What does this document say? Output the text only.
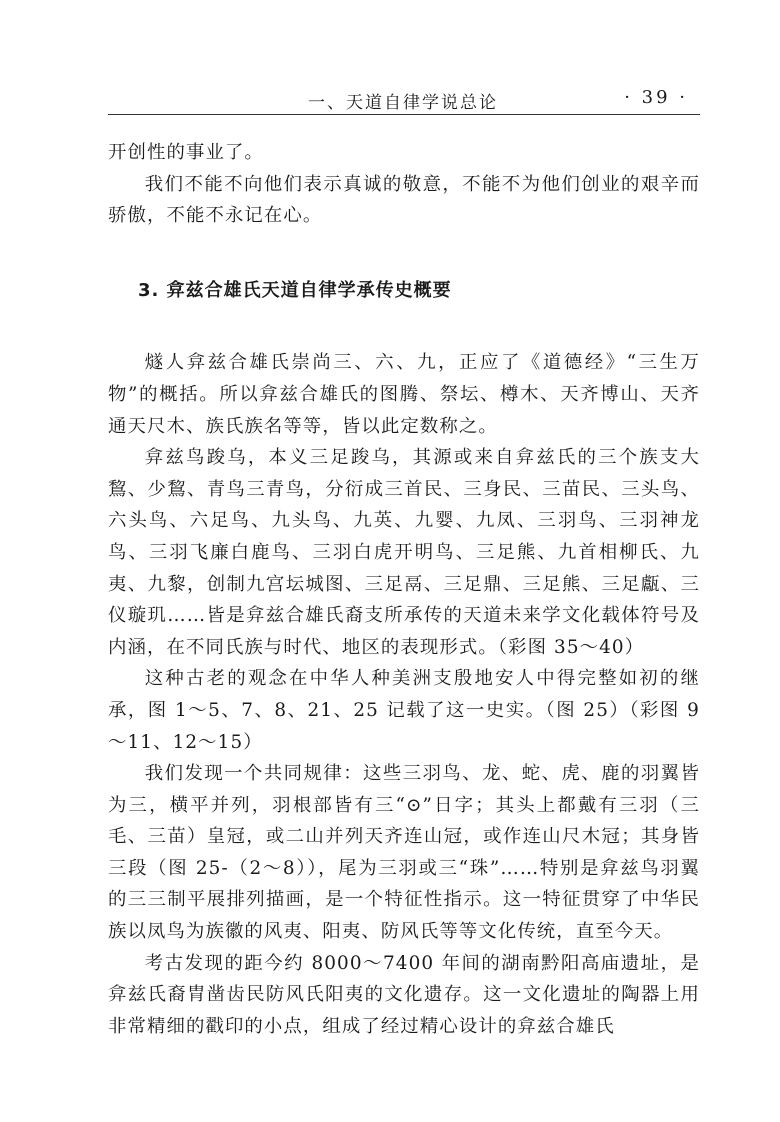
一、天道自律学说总论	· 39 ·

开创性的事业了。

我们不能不向他们表示真诚的敬意，不能不为他们创业的艰辛而骄傲，不能不永记在心。

3. 弇兹合雄氏天道自律学承传史概要

燧人弇兹合雄氏崇尚三、六、九，正应了《道德经》“三生万物”的概括。所以弇兹合雄氏的图腾、祭坛、樽木、天齐博山、天齐通天尺木、族氏族名等等，皆以此定数称之。

弇兹鸟踆乌，本义三足踆乌，其源或来自弇兹氏的三个族支大鵹、少鵹、青鸟三青鸟，分衍成三首民、三身民、三苗民、三头鸟、六头鸟、六足鸟、九头鸟、九英、九婴、九凤、三羽鸟、三羽神龙鸟、三羽飞廉白鹿鸟、三羽白虎开明鸟、三足熊、九首相柳氏、九夷、九黎，创制九宫坛城图、三足鬲、三足鼎、三足熊、三足甗、三仪璇玑……皆是弇兹合雄氏裔支所承传的天道未来学文化载体符号及内涵，在不同氏族与时代、地区的表现形式。（彩图 35～40）

这种古老的观念在中华人种美洲支殷地安人中得完整如初的继承，图 1～5、7、8、21、25 记载了这一史实。（图 25）（彩图 9～11、12～15）

我们发现一个共同规律：这些三羽鸟、龙、蛇、虎、鹿的羽翼皆为三，横平并列，羽根部皆有三“⊙”日字；其头上都戴有三羽（三毛、三苗）皇冠，或二山并列天齐连山冠，或作连山尺木冠；其身皆三段（图 25-（2～8）），尾为三羽或三“珠”……特别是弇兹鸟羽翼的三三制平展排列描画，是一个特征性指示。这一特征贯穿了中华民族以凤鸟为族徽的风夷、阳夷、防风氏等等文化传统，直至今天。

考古发现的距今约 8000～7400 年间的湖南黔阳高庙遗址，是弇兹氏裔胄凿齿民防风氏阳夷的文化遗存。这一文化遗址的陶器上用非常精细的戳印的小点，组成了经过精心设计的弇兹合雄氏
